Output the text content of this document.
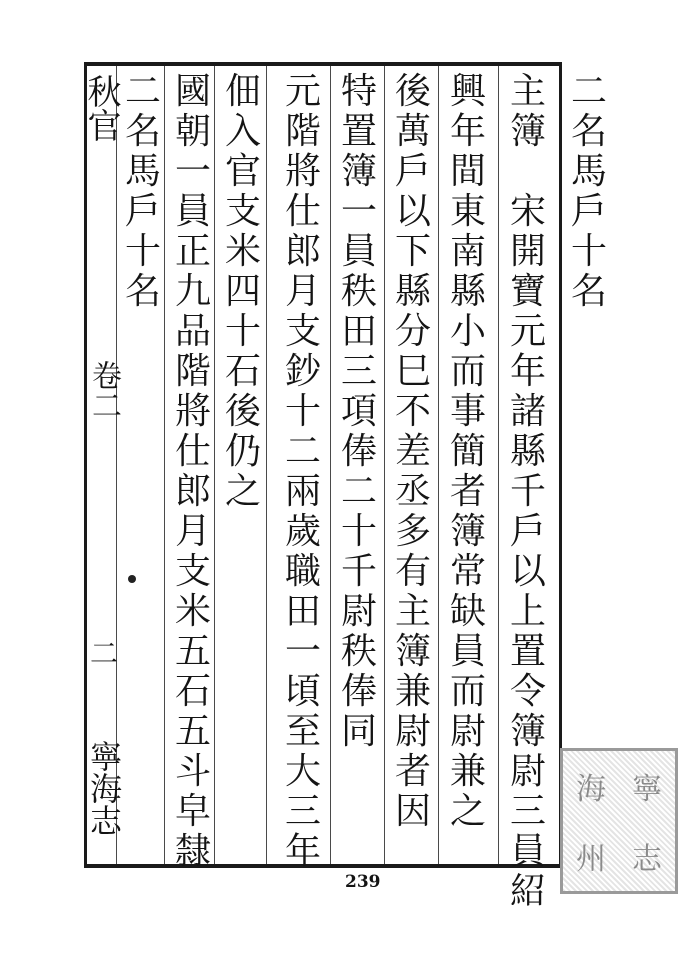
秋官
卷二
二
寧海志
二
名
馬
戶
十
名
主
簿

宋
開
寶
元
年
諸
縣
千
戶
以
上
置
令
簿
尉
三
員
紹
興
年
間
東
南
縣
小
而
事
簡
者
簿
常
缺
員
而
尉
兼
之
後
萬
戶
以
下
縣
分
巳
不
差
丞
多
有
主
簿
兼
尉
者
因
特
置
簿
一
員
秩
田
三
項
俸
二
十
千
尉
秩
俸
同
元
階
將
仕
郎
月
支
鈔
十
二
兩
歲
職
田
一
頃
至
大
三
年
佃
入
官
支
米
四
十
石
後
仍
之
國
朝
一
員
正
九
品
階
將
仕
郎
月
支
米
五
石
五
斗
皁
隸
二
名
馬
戶
十
名
239
海 寧
州 志
